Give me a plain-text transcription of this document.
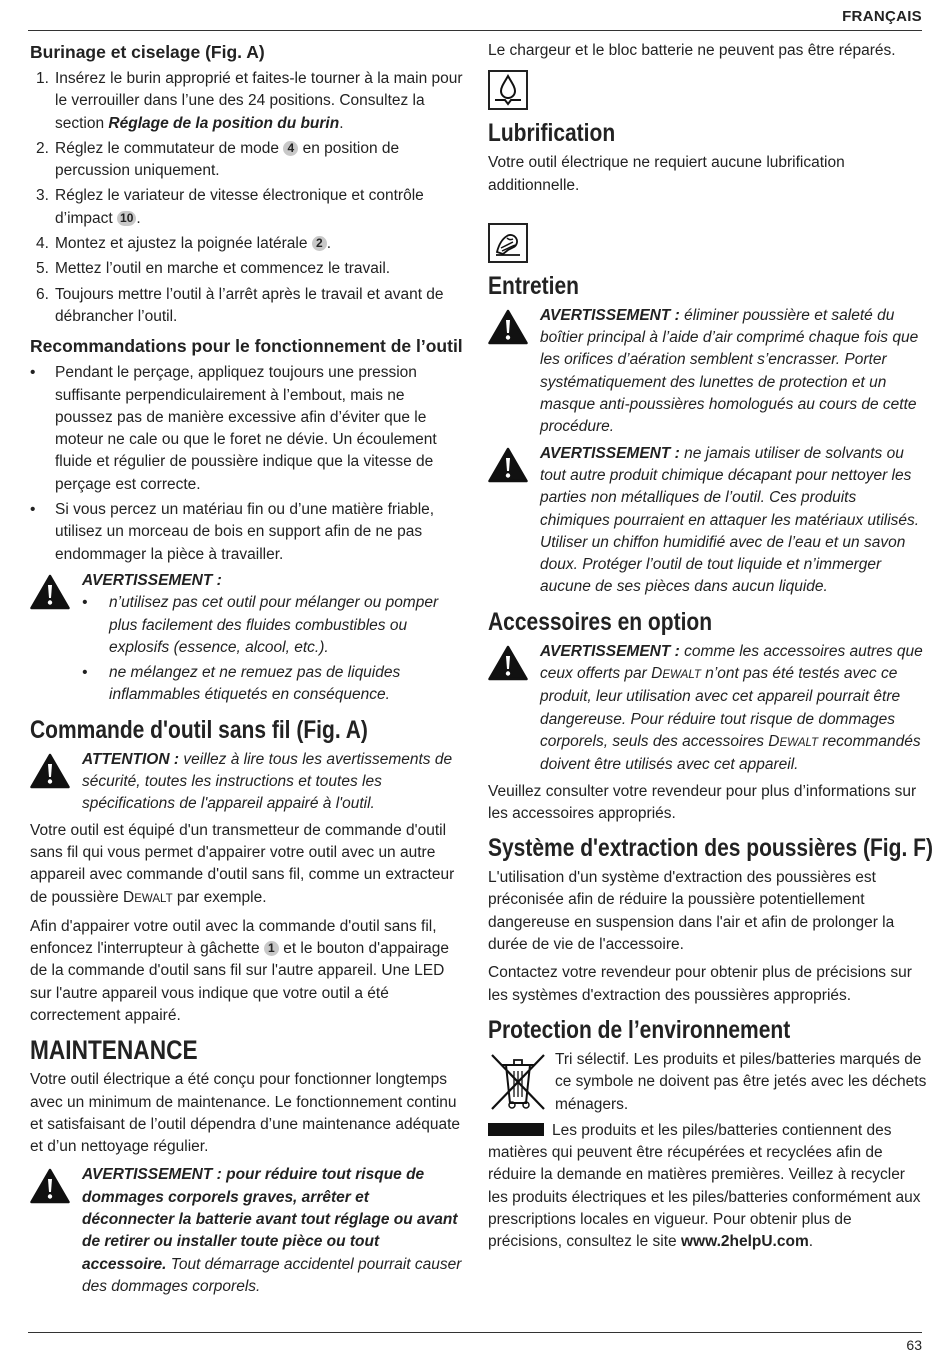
FRANÇAIS
Burinage et ciselage (Fig. A)
1. Insérez le burin approprié et faites-le tourner à la main pour le verrouiller dans l’une des 24 positions. Consultez la section Réglage de la position du burin.
2. Réglez le commutateur de mode 4 en position de percussion uniquement.
3. Réglez le variateur de vitesse électronique et contrôle d’impact 10 .
4. Montez et ajustez la poignée latérale 2 .
5. Mettez l’outil en marche et commencez le travail.
6. Toujours mettre l’outil à l’arrêt après le travail et avant de débrancher l’outil.
Recommandations pour le fonctionnement de l’outil
• Pendant le perçage, appliquez toujours une pression suffisante perpendiculairement à l’embout, mais ne poussez pas de manière excessive afin d’éviter que le moteur ne cale ou que le foret ne dévie. Un écoulement fluide et régulier de poussière indique que la vitesse de perçage est correcte.
• Si vous percez un matériau fin ou d’une matière friable, utilisez un morceau de bois en support afin de ne pas endommager la pièce à travailler.
AVERTISSEMENT :
• n’utilisez pas cet outil pour mélanger ou pomper plus facilement des fluides combustibles ou explosifs (essence, alcool, etc.).
• ne mélangez et ne remuez pas de liquides inflammables étiquetés en conséquence.
Commande d'outil sans fil (Fig. A)
ATTENTION : veillez à lire tous les avertissements de sécurité, toutes les instructions et toutes les spécifications de l'appareil appairé à l'outil.

Votre outil est équipé d'un transmetteur de commande d'outil sans fil qui vous permet d'appairer votre outil avec un autre appareil avec commande d'outil sans fil, comme un extracteur de poussière DEWALT par exemple.

Afin d'appairer votre outil avec la commande d'outil sans fil, enfoncez l'interrupteur à gâchette 1 et le bouton d'appairage de la commande d'outil sans fil sur l'autre appareil. Une LED sur l'autre appareil vous indique que votre outil a été correctement appairé.

MAINTENANCE

Votre outil électrique a été conçu pour fonctionner longtemps avec un minimum de maintenance. Le fonctionnement continu et satisfaisant de l’outil dépendra d’une maintenance adéquate et d’un nettoyage régulier.

AVERTISSEMENT : pour réduire tout risque de dommages corporels graves, arrêter et déconnecter la batterie avant tout réglage ou avant de retirer ou installer toute pièce ou tout accessoire. Tout démarrage accidentel pourrait causer des dommages corporels.

Le chargeur et le bloc batterie ne peuvent pas être réparés.

Lubrification

Votre outil électrique ne requiert aucune lubrification additionnelle.

Entretien
AVERTISSEMENT : éliminer poussière et saleté du boîtier principal à l’aide d’air comprimé chaque fois que les orifices d’aération semblent s’encrasser. Porter systématiquement des lunettes de protection et un masque anti-poussières homologués au cours de cette procédure.
AVERTISSEMENT : ne jamais utiliser de solvants ou tout autre produit chimique décapant pour nettoyer les parties non métalliques de l’outil. Ces produits chimiques pourraient en attaquer les matériaux utilisés. Utiliser un chiffon humidifié avec de l’eau et un savon doux. Protéger l’outil de tout liquide et n’immerger aucune de ses pièces dans aucun liquide.
Accessoires en option
AVERTISSEMENT : comme les accessoires autres que ceux offerts par DEWALT n’ont pas été testés avec ce produit, leur utilisation avec cet appareil pourrait être dangereuse. Pour réduire tout risque de dommages corporels, seuls des accessoires DEWALT recommandés doivent être utilisés avec cet appareil.

Veuillez consulter votre revendeur pour plus d’informations sur les accessoires appropriés.

Système d'extraction des poussières (Fig. F)

L'utilisation d'un système d'extraction des poussières est préconisée afin de réduire la poussière potentiellement dangereuse en suspension dans l'air et afin de prolonger la durée de vie de l'accessoire.

Contactez votre revendeur pour obtenir plus de précisions sur les systèmes d'extraction des poussières appropriés.

Protection de l’environnement
Tri sélectif. Les produits et piles/batteries marqués de ce symbole ne doivent pas être jetés avec les déchets ménagers.

Les produits et les piles/batteries contiennent des matières qui peuvent être récupérées et recyclées afin de réduire la demande en matières premières. Veillez à recycler les produits électriques et les piles/batteries conformément aux prescriptions locales en vigueur. Pour obtenir plus de précisions, consultez le site www.2helpU.com.

63
